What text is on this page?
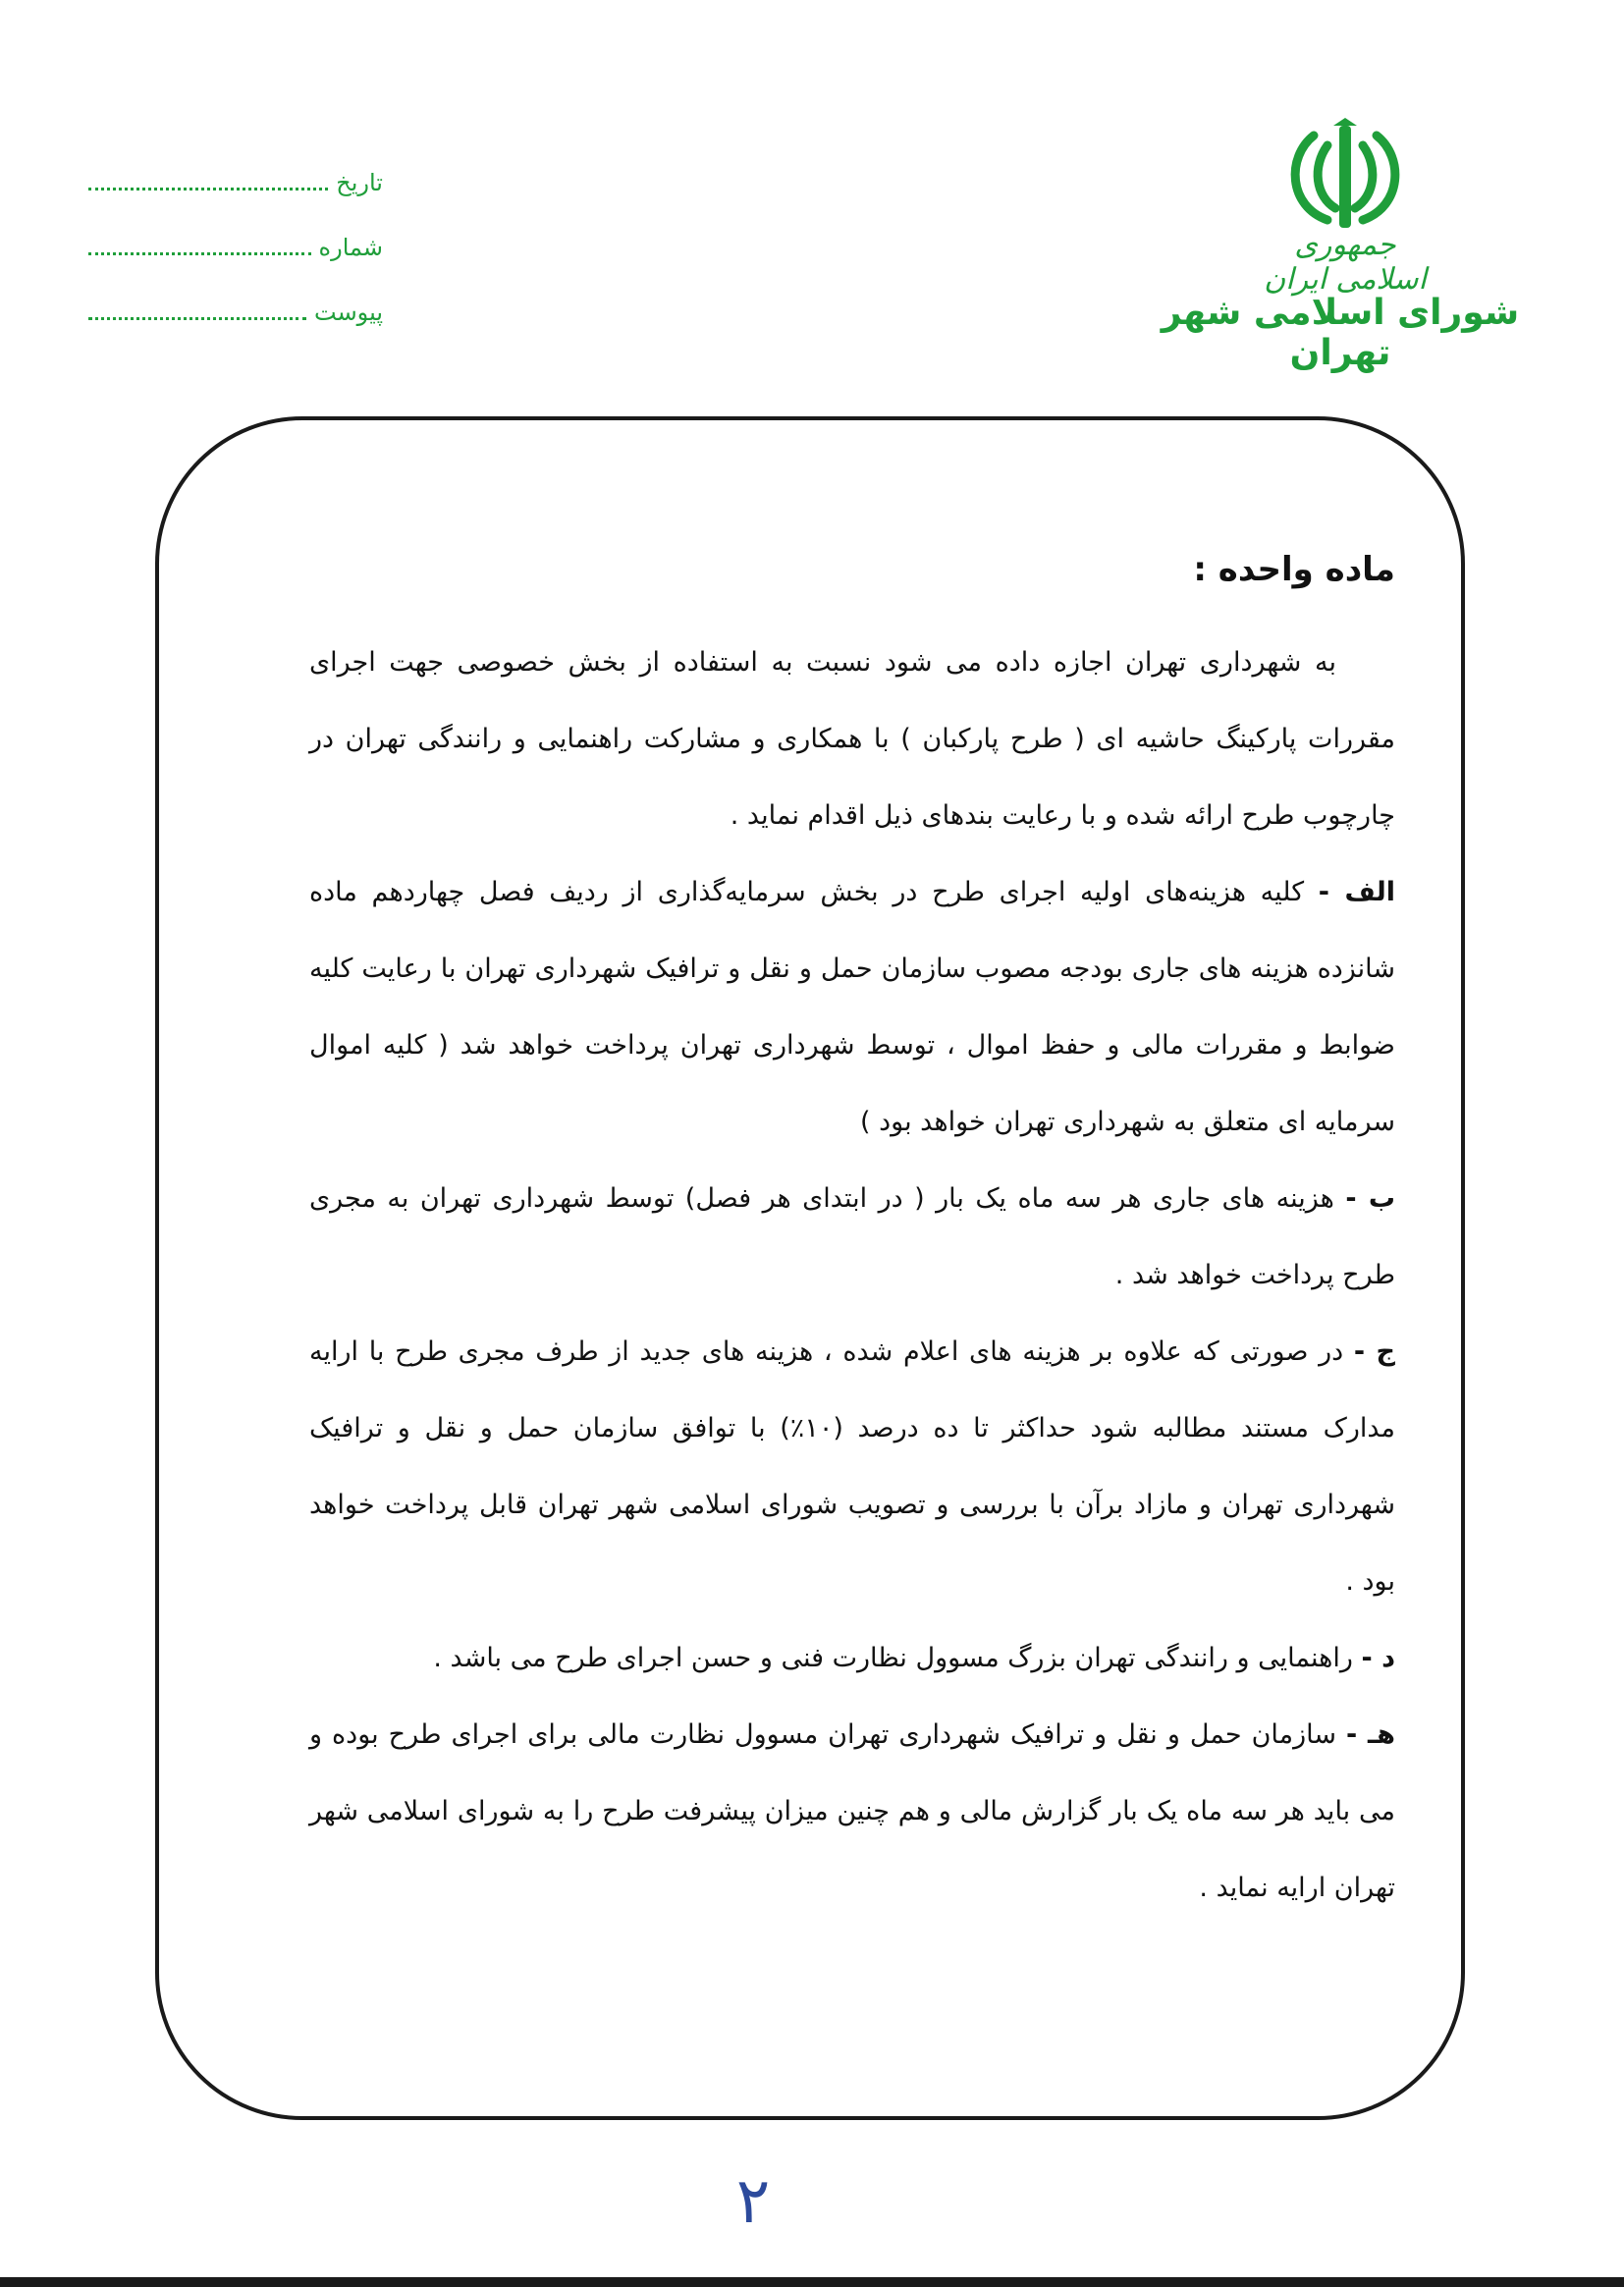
جمهوری اسلامی ایران
شورای اسلامی شهر تهران
تاریخ
شماره
پیوست
ماده واحده :

به شهرداری تهران اجازه داده می شود نسبت به استفاده از بخش خصوصی جهت اجرای مقررات پارکینگ حاشیه ای ( طرح پارکبان ) با همکاری و مشارکت راهنمایی و رانندگی تهران در چارچوب طرح ارائه شده و با رعایت بندهای ذیل اقدام نماید .

الف - کلیه هزینه‌های اولیه اجرای طرح در بخش سرمایه‌گذاری از ردیف فصل چهاردهم ماده شانزده هزینه های جاری بودجه مصوب سازمان حمل و نقل و ترافیک شهرداری تهران با رعایت کلیه ضوابط و مقررات مالی و حفظ اموال ، توسط شهرداری تهران پرداخت خواهد شد ( کلیه اموال سرمایه ای متعلق به شهرداری تهران خواهد بود )

ب - هزینه های جاری هر سه ماه یک بار ( در ابتدای هر فصل) توسط شهرداری تهران به مجری طرح پرداخت خواهد شد .

ج - در صورتی که علاوه بر هزینه های اعلام شده ، هزینه های جدید از طرف مجری طرح با ارایه مدارک مستند مطالبه شود حداکثر تا ده درصد (۱۰٪) با توافق سازمان حمل و نقل و ترافیک شهرداری تهران و مازاد برآن با بررسی و تصویب شورای اسلامی شهر تهران قابل پرداخت خواهد بود .

د - راهنمایی و رانندگی تهران بزرگ مسوول نظارت فنی و حسن اجرای طرح می باشد .

هـ - سازمان حمل و نقل و ترافیک شهرداری تهران مسوول نظارت مالی برای اجرای طرح بوده و می باید هر سه ماه یک بار گزارش مالی و هم چنین میزان پیشرفت طرح را به شورای اسلامی شهر تهران ارایه نماید .

۲
